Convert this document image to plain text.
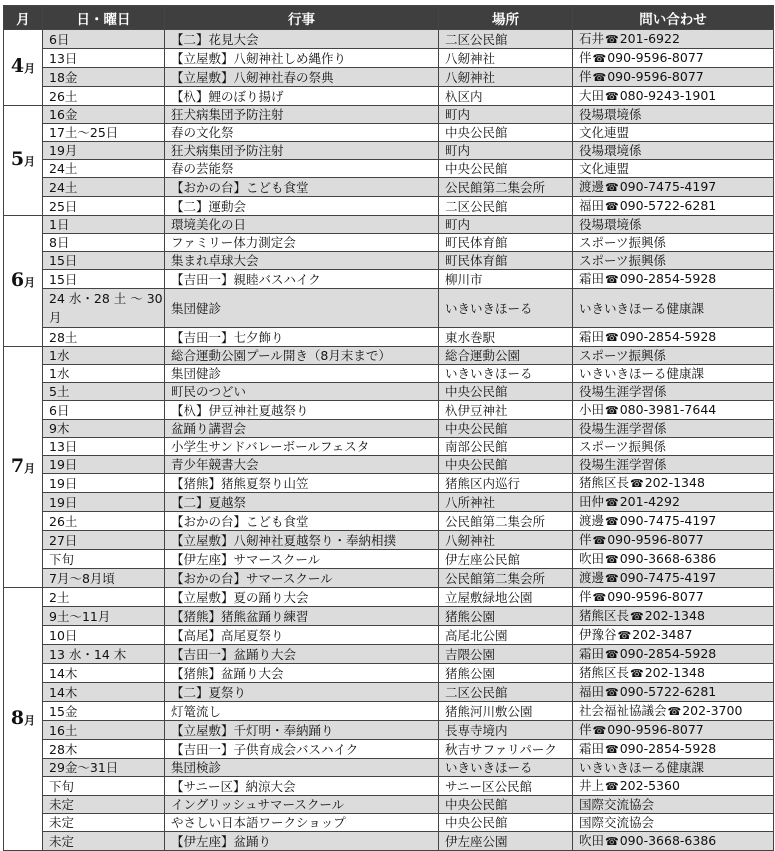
月	日・曜日	行事	場所	問い合わせ
4月	6日	【二】花見大会	二区公民館	石井☎201-6922
	13日	【立屋敷】八剱神社しめ縄作り	八剱神社	伴☎090-9596-8077
	18金	【立屋敷】八剱神社春の祭典	八剱神社	伴☎090-9596-8077
	26土	【杁】鯉のぼり揚げ	杁区内	大田☎080-9243-1901
5月	16金	狂犬病集団予防注射	町内	役場環境係
	17土～25日	春の文化祭	中央公民館	文化連盟
	19月	狂犬病集団予防注射	町内	役場環境係
	24土	春の芸能祭	中央公民館	文化連盟
	24土	【おかの台】こども食堂	公民館第二集会所	渡邊☎090-7475-4197
	25日	【二】運動会	二区公民館	福田☎090-5722-6281
6月	1日	環境美化の日	町内	役場環境係
	8日	ファミリー体力測定会	町民体育館	スポーツ振興係
	15日	集まれ卓球大会	町民体育館	スポーツ振興係
	15日	【吉田一】親睦バスハイク	柳川市	霜田☎090-2854-5928
	24 水・28 土 ～ 30月	集団健診	いきいきほーる	いきいきほーる健康課
	28土	【吉田一】七夕飾り	東水巻駅	霜田☎090-2854-5928
7月	1水	総合運動公園プール開き（8月末まで）	総合運動公園	スポーツ振興係
	1水	集団健診	いきいきほーる	いきいきほーる健康課
	5土	町民のつどい	中央公民館	役場生涯学習係
	6日	【杁】伊豆神社夏越祭り	杁伊豆神社	小田☎080-3981-7644
	9木	盆踊り講習会	中央公民館	役場生涯学習係
	13日	小学生サンドバレーボールフェスタ	南部公民館	スポーツ振興係
	19日	青少年競書大会	中央公民館	役場生涯学習係
	19日	【猪熊】猪熊夏祭り山笠	猪熊区内巡行	猪熊区長☎202-1348
	19日	【二】夏越祭	八所神社	田仲☎201-4292
	26土	【おかの台】こども食堂	公民館第二集会所	渡邊☎090-7475-4197
	27日	【立屋敷】八剱神社夏越祭り・奉納相撲	八剱神社	伴☎090-9596-8077
	下旬	【伊左座】サマースクール	伊左座公民館	吹田☎090-3668-6386
	7月～8月頃	【おかの台】サマースクール	公民館第二集会所	渡邊☎090-7475-4197
8月	2土	【立屋敷】夏の踊り大会	立屋敷緑地公園	伴☎090-9596-8077
	9土～11月	【猪熊】猪熊盆踊り練習	猪熊公園	猪熊区長☎202-1348
	10日	【高尾】高尾夏祭り	高尾北公園	伊豫谷☎202-3487
	13 水・14 木	【吉田一】盆踊り大会	吉隈公園	霜田☎090-2854-5928
	14木	【猪熊】盆踊り大会	猪熊公園	猪熊区長☎202-1348
	14木	【二】夏祭り	二区公民館	福田☎090-5722-6281
	15金	灯篭流し	猪熊河川敷公園	社会福祉協議会☎202-3700
	16土	【立屋敷】千灯明・奉納踊り	長専寺境内	伴☎090-9596-8077
	28木	【吉田一】子供育成会バスハイク	秋吉サファリパーク	霜田☎090-2854-5928
	29金～31日	集団検診	いきいきほーる	いきいきほーる健康課
	下旬	【サニー区】納涼大会	サニー区公民館	井上☎202-5360
	未定	イングリッシュサマースクール	中央公民館	国際交流協会
	未定	やさしい日本語ワークショップ	中央公民館	国際交流協会
	未定	【伊左座】盆踊り	伊左座公園	吹田☎090-3668-6386
